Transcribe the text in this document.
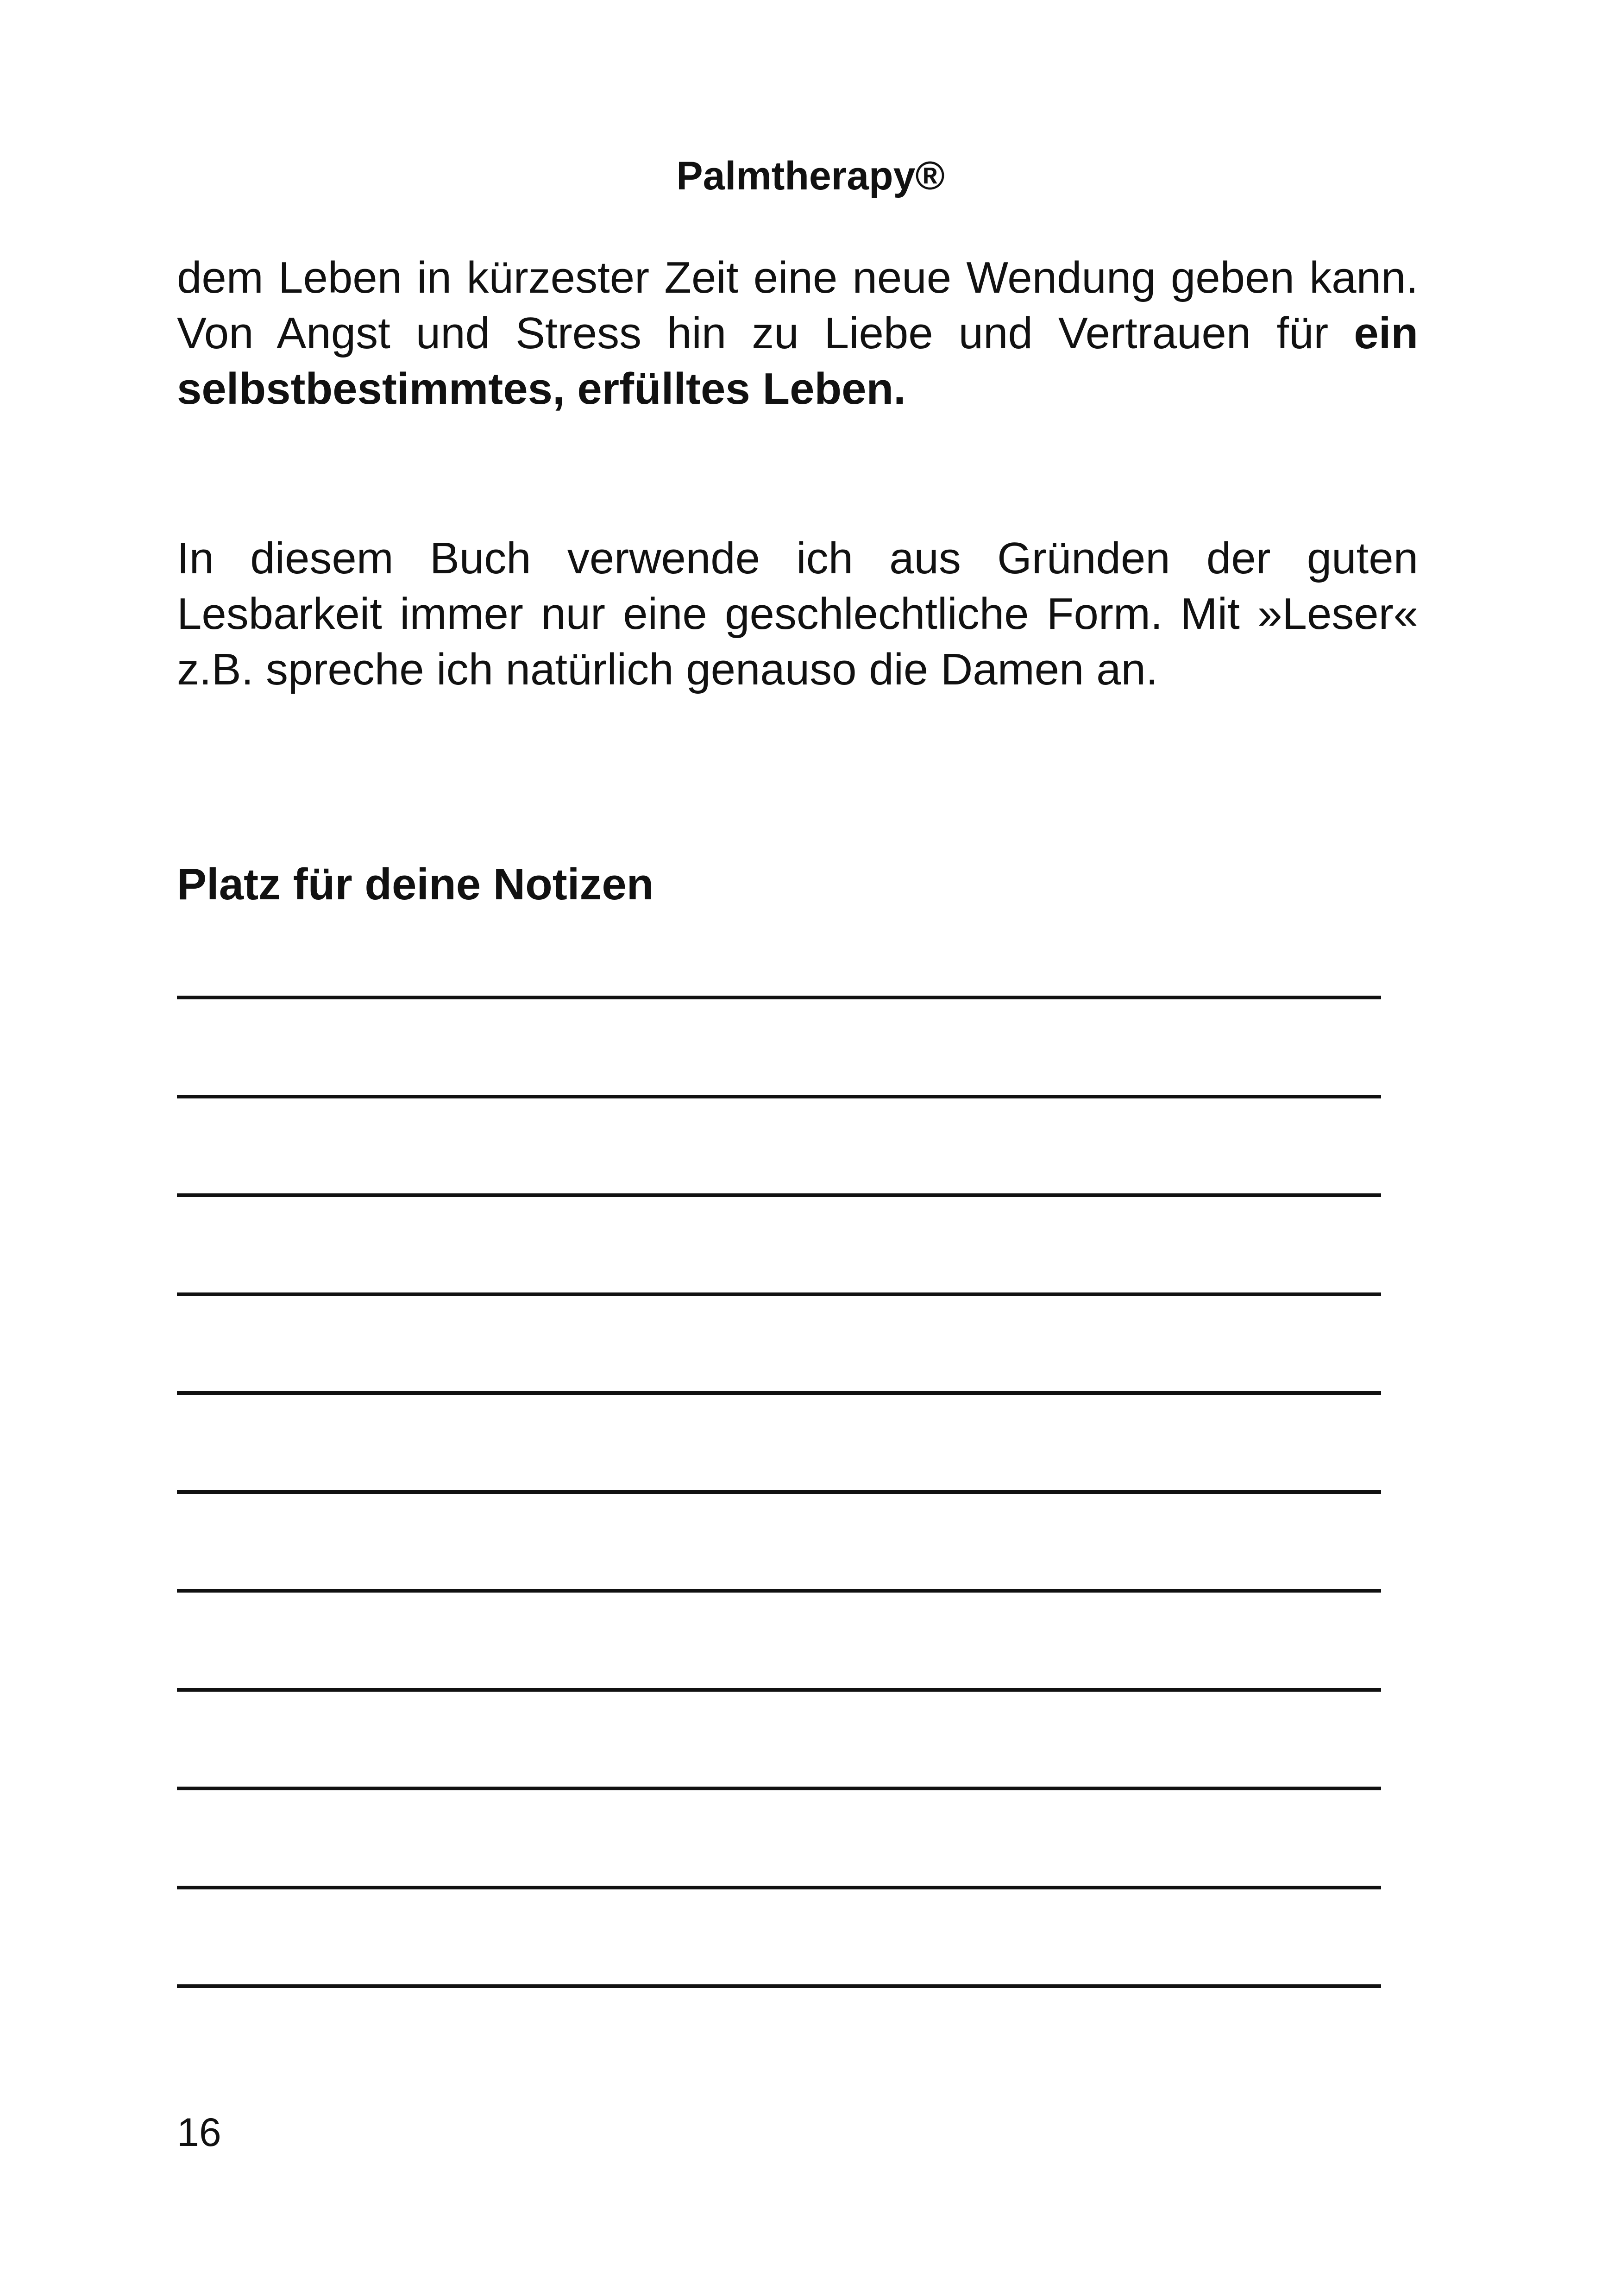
Palmtherapy®
dem Leben in kürzester Zeit eine neue Wendung geben kann.
Von Angst und Stress hin zu Liebe und Vertrauen für ein
selbstbestimmtes, erfülltes Leben.
In diesem Buch verwende ich aus Gründen der guten
Lesbarkeit immer nur eine geschlechtliche Form. Mit »Leser«
z.B. spreche ich natürlich genauso die Damen an.
Platz für deine Notizen
16
